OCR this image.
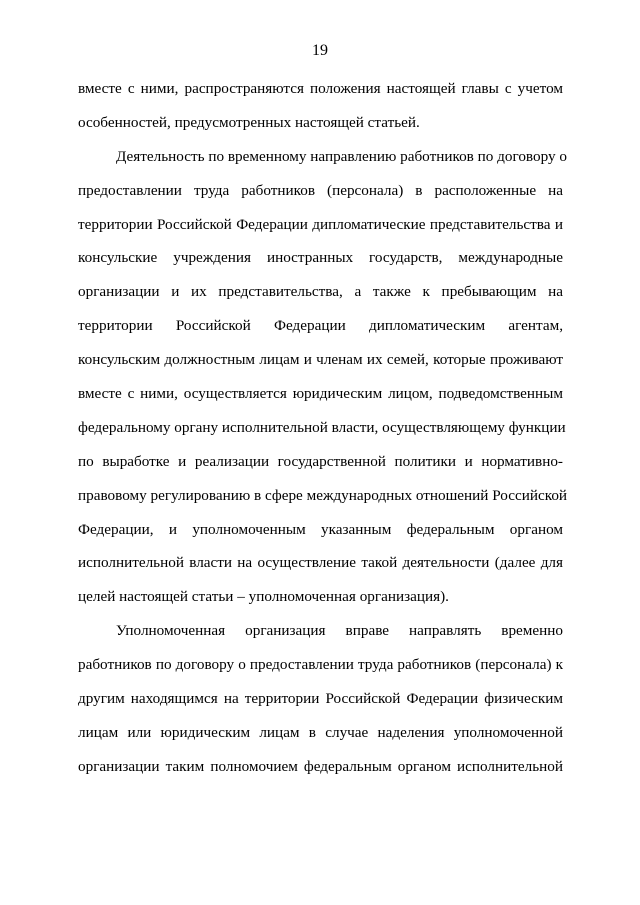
19
вместе с ними, распространяются положения настоящей главы с учетом
особенностей, предусмотренных настоящей статьей.
Деятельность по временному направлению работников по договору о
предоставлении труда работников (персонала) в расположенные на
территории Российской Федерации дипломатические представительства и
консульские учреждения иностранных государств, международные
организации и их представительства, а также к пребывающим на
территории Российской Федерации дипломатическим агентам,
консульским должностным лицам и членам их семей, которые проживают
вместе с ними, осуществляется юридическим лицом, подведомственным
федеральному органу исполнительной власти, осуществляющему функции
по выработке и реализации государственной политики и нормативно-
правовому регулированию в сфере международных отношений Российской
Федерации, и уполномоченным указанным федеральным органом
исполнительной власти на осуществление такой деятельности (далее для
целей настоящей статьи – уполномоченная организация).
Уполномоченная организация вправе направлять временно
работников по договору о предоставлении труда работников (персонала) к
другим находящимся на территории Российской Федерации физическим
лицам или юридическим лицам в случае наделения уполномоченной
организации таким полномочием федеральным органом исполнительной
